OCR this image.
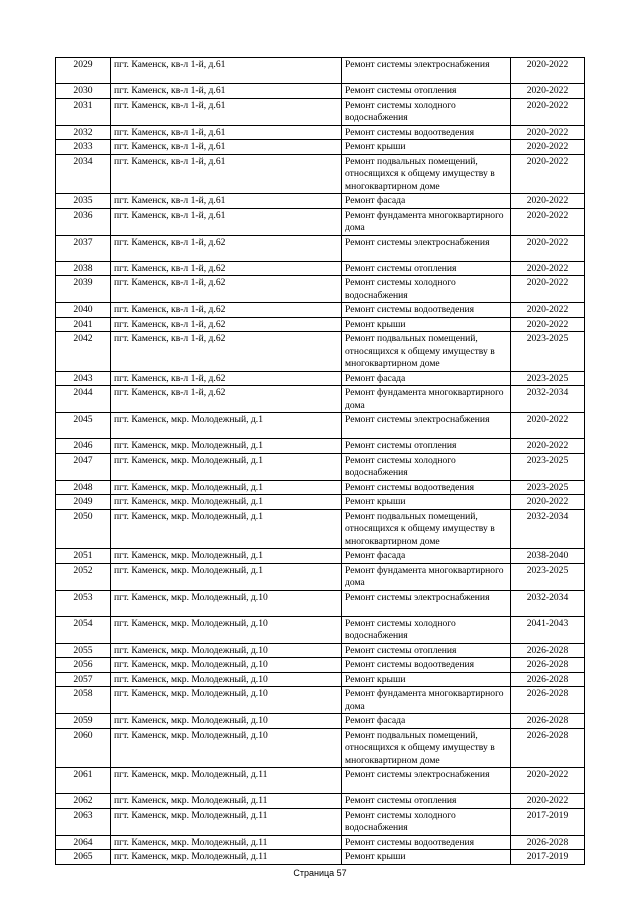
2029	пгт. Каменск, кв-л 1-й, д.61	Ремонт системы электроснабжения	2020-2022
2030	пгт. Каменск, кв-л 1-й, д.61	Ремонт системы отопления	2020-2022
2031	пгт. Каменск, кв-л 1-й, д.61	Ремонт системы холодного водоснабжения	2020-2022
2032	пгт. Каменск, кв-л 1-й, д.61	Ремонт системы водоотведения	2020-2022
2033	пгт. Каменск, кв-л 1-й, д.61	Ремонт крыши	2020-2022
2034	пгт. Каменск, кв-л 1-й, д.61	Ремонт подвальных помещений, относящихся к общему имуществу в многоквартирном доме	2020-2022
2035	пгт. Каменск, кв-л 1-й, д.61	Ремонт фасада	2020-2022
2036	пгт. Каменск, кв-л 1-й, д.61	Ремонт фундамента многоквартирного дома	2020-2022
2037	пгт. Каменск, кв-л 1-й, д.62	Ремонт системы электроснабжения	2020-2022
2038	пгт. Каменск, кв-л 1-й, д.62	Ремонт системы отопления	2020-2022
2039	пгт. Каменск, кв-л 1-й, д.62	Ремонт системы холодного водоснабжения	2020-2022
2040	пгт. Каменск, кв-л 1-й, д.62	Ремонт системы водоотведения	2020-2022
2041	пгт. Каменск, кв-л 1-й, д.62	Ремонт крыши	2020-2022
2042	пгт. Каменск, кв-л 1-й, д.62	Ремонт подвальных помещений, относящихся к общему имуществу в многоквартирном доме	2023-2025
2043	пгт. Каменск, кв-л 1-й, д.62	Ремонт фасада	2023-2025
2044	пгт. Каменск, кв-л 1-й, д.62	Ремонт фундамента многоквартирного дома	2032-2034
2045	пгт. Каменск, мкр. Молодежный, д.1	Ремонт системы электроснабжения	2020-2022
2046	пгт. Каменск, мкр. Молодежный, д.1	Ремонт системы отопления	2020-2022
2047	пгт. Каменск, мкр. Молодежный, д.1	Ремонт системы холодного водоснабжения	2023-2025
2048	пгт. Каменск, мкр. Молодежный, д.1	Ремонт системы водоотведения	2023-2025
2049	пгт. Каменск, мкр. Молодежный, д.1	Ремонт крыши	2020-2022
2050	пгт. Каменск, мкр. Молодежный, д.1	Ремонт подвальных помещений, относящихся к общему имуществу в многоквартирном доме	2032-2034
2051	пгт. Каменск, мкр. Молодежный, д.1	Ремонт фасада	2038-2040
2052	пгт. Каменск, мкр. Молодежный, д.1	Ремонт фундамента многоквартирного дома	2023-2025
2053	пгт. Каменск, мкр. Молодежный, д.10	Ремонт системы электроснабжения	2032-2034
2054	пгт. Каменск, мкр. Молодежный, д.10	Ремонт системы холодного водоснабжения	2041-2043
2055	пгт. Каменск, мкр. Молодежный, д.10	Ремонт системы отопления	2026-2028
2056	пгт. Каменск, мкр. Молодежный, д.10	Ремонт системы водоотведения	2026-2028
2057	пгт. Каменск, мкр. Молодежный, д.10	Ремонт крыши	2026-2028
2058	пгт. Каменск, мкр. Молодежный, д.10	Ремонт фундамента многоквартирного дома	2026-2028
2059	пгт. Каменск, мкр. Молодежный, д.10	Ремонт фасада	2026-2028
2060	пгт. Каменск, мкр. Молодежный, д.10	Ремонт подвальных помещений, относящихся к общему имуществу в многоквартирном доме	2026-2028
2061	пгт. Каменск, мкр. Молодежный, д.11	Ремонт системы электроснабжения	2020-2022
2062	пгт. Каменск, мкр. Молодежный, д.11	Ремонт системы отопления	2020-2022
2063	пгт. Каменск, мкр. Молодежный, д.11	Ремонт системы холодного водоснабжения	2017-2019
2064	пгт. Каменск, мкр. Молодежный, д.11	Ремонт системы водоотведения	2026-2028
2065	пгт. Каменск, мкр. Молодежный, д.11	Ремонт крыши	2017-2019
Страница 57
